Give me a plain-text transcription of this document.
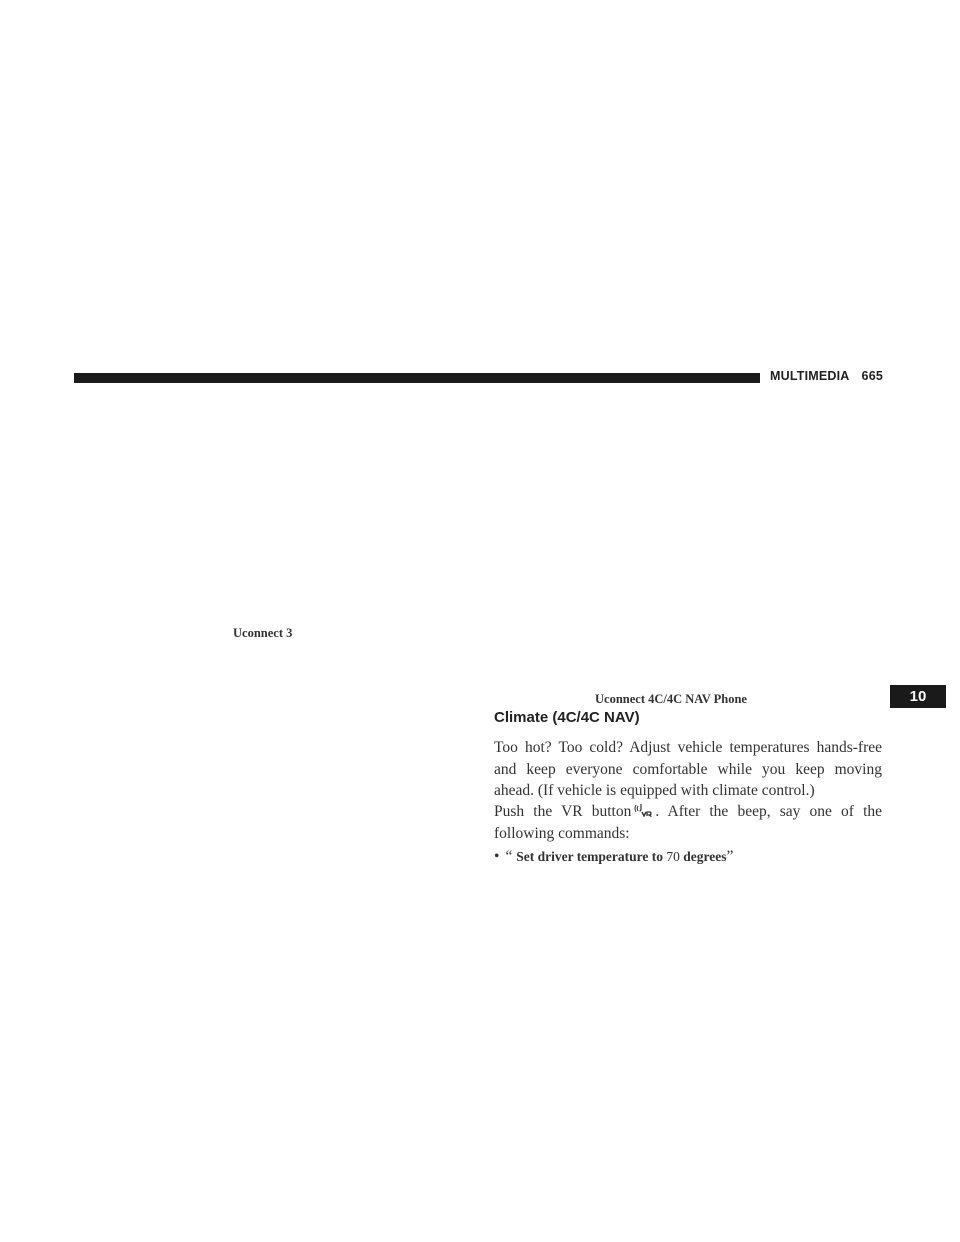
MULTIMEDIA 665
Uconnect 3
Uconnect 4C/4C NAV Phone	10
Climate (4C/4C NAV)

Too hot? Too cold? Adjust vehicle temperatures hands-free and keep everyone comfortable while you keep moving ahead. (If vehicle is equipped with climate control.)

Push the VR button . After the beep, say one of the following commands:

• “ Set driver temperature to 70 degrees”
